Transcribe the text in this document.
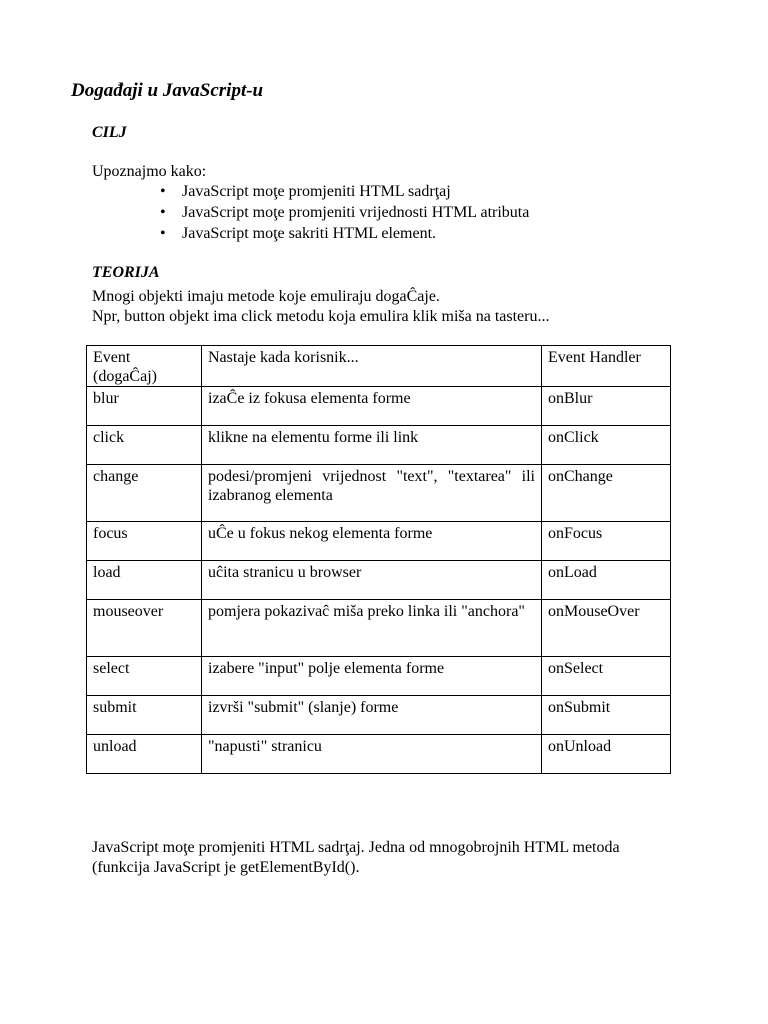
Događaji u JavaScript-u
CILJ

Upoznajmo kako:

• JavaScript moţe promjeniti HTML sadrţaj
• JavaScript moţe promjeniti vrijednosti HTML atributa
• JavaScript moţe sakriti HTML element.
TEORIJA

Mnogi objekti imaju metode koje emuliraju dogaĈaje.

Npr, button objekt ima click metodu koja emulira klik miša na tasteru...

Event
(dogaĈaj)	Nastaje kada korisnik...	Event Handler
blur	izaĈe iz fokusa elementa forme	onBlur
click	klikne na elementu forme ili link	onClick
change	podesi/promjeni vrijednost "text", "textarea" ili izabranog elementa	onChange
focus	uĈe u fokus nekog elementa forme	onFocus
load	uĉita stranicu u browser	onLoad
mouseover	pomjera pokazivaĉ miša preko linka ili "anchora"	onMouseOver
select	izabere "input" polje elementa forme	onSelect
submit	izvrši "submit" (slanje) forme	onSubmit
unload	"napusti" stranicu	onUnload

JavaScript moţe promjeniti HTML sadrţaj. Jedna od mnogobrojnih HTML metoda (funkcija JavaScript je getElementById().
